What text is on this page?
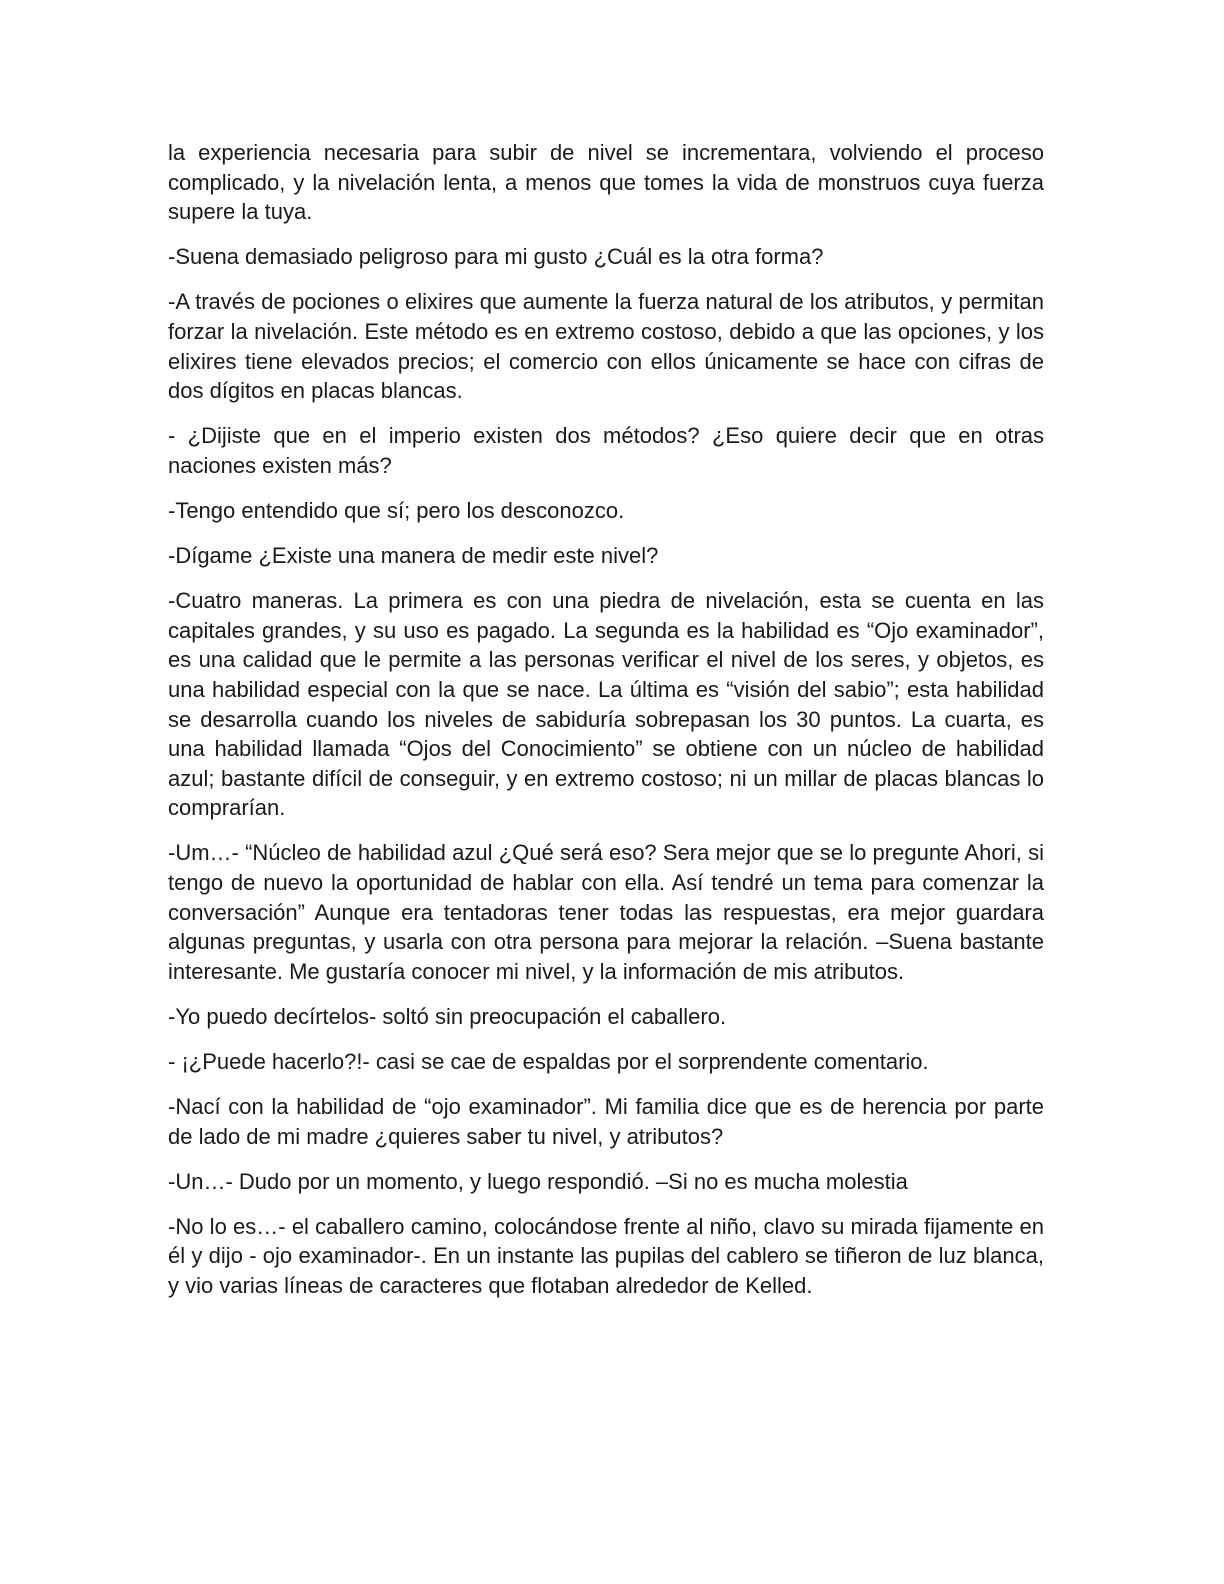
la experiencia necesaria para subir de nivel se incrementara, volviendo el proceso complicado, y la nivelación lenta, a menos que tomes la vida de monstruos cuya fuerza supere la tuya.

-Suena demasiado peligroso para mi gusto ¿Cuál es la otra forma?

-A través de pociones o elixires que aumente la fuerza natural de los atributos, y permitan forzar la nivelación. Este método es en extremo costoso, debido a que las opciones, y los elixires tiene elevados precios; el comercio con ellos únicamente se hace con cifras de dos dígitos en placas blancas.

- ¿Dijiste que en el imperio existen dos métodos? ¿Eso quiere decir que en otras naciones existen más?

-Tengo entendido que sí; pero los desconozco.

-Dígame ¿Existe una manera de medir este nivel?

-Cuatro maneras. La primera es con una piedra de nivelación, esta se cuenta en las capitales grandes, y su uso es pagado. La segunda es la habilidad es “Ojo examinador”, es una calidad que le permite a las personas verificar el nivel de los seres, y objetos, es una habilidad especial con la que se nace. La última es “visión del sabio”; esta habilidad se desarrolla cuando los niveles de sabiduría sobrepasan los 30 puntos. La cuarta, es una habilidad llamada “Ojos del Conocimiento” se obtiene con un núcleo de habilidad azul; bastante difícil de conseguir, y en extremo costoso; ni un millar de placas blancas lo comprarían.

-Um…- “Núcleo de habilidad azul ¿Qué será eso? Sera mejor que se lo pregunte Ahori, si tengo de nuevo la oportunidad de hablar con ella. Así tendré un tema para comenzar la conversación” Aunque era tentadoras tener todas las respuestas, era mejor guardara algunas preguntas, y usarla con otra persona para mejorar la relación. –Suena bastante interesante. Me gustaría conocer mi nivel, y la información de mis atributos.

-Yo puedo decírtelos- soltó sin preocupación el caballero.

- ¡¿Puede hacerlo?!- casi se cae de espaldas por el sorprendente comentario.

-Nací con la habilidad de “ojo examinador”. Mi familia dice que es de herencia por parte de lado de mi madre ¿quieres saber tu nivel, y atributos?

-Un…- Dudo por un momento, y luego respondió. –Si no es mucha molestia

-No lo es…- el caballero camino, colocándose frente al niño, clavo su mirada fijamente en él y dijo - ojo examinador-. En un instante las pupilas del cablero se tiñeron de luz blanca, y vio varias líneas de caracteres que flotaban alrededor de Kelled.
